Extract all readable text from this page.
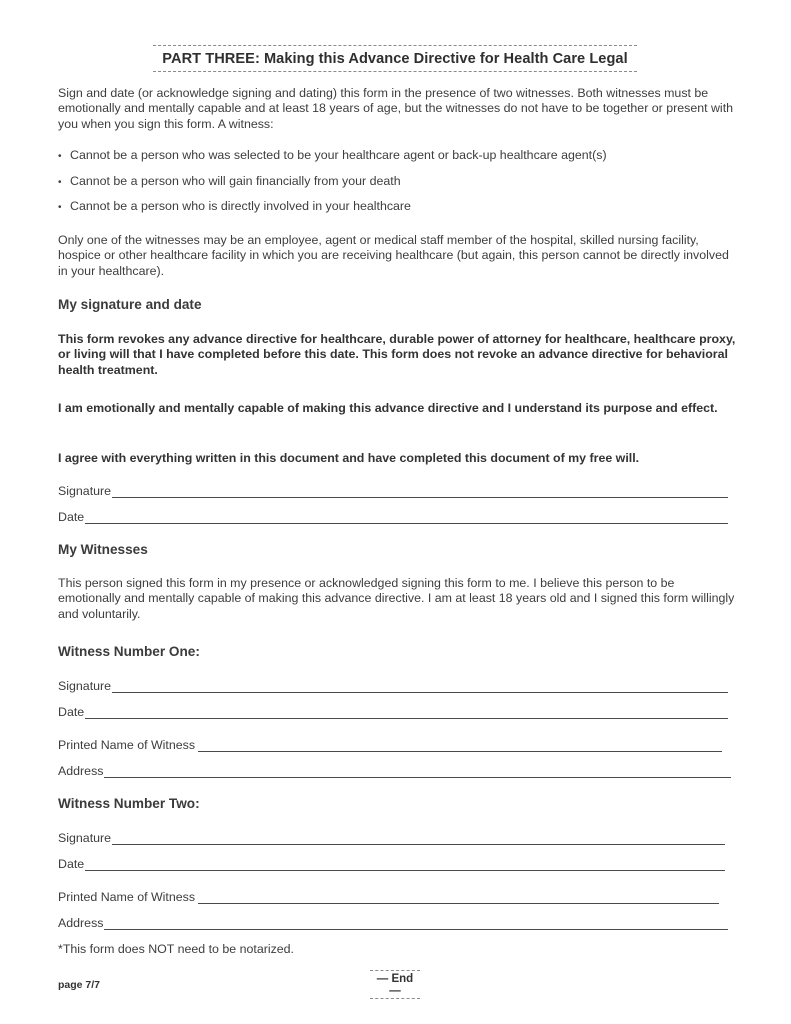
PART THREE: Making this Advance Directive for Health Care Legal

Sign and date (or acknowledge signing and dating) this form in the presence of two witnesses. Both witnesses must be emotionally and mentally capable and at least 18 years of age, but the witnesses do not have to be together or present with you when you sign this form. A witness:

• Cannot be a person who was selected to be your healthcare agent or back-up healthcare agent(s)
• Cannot be a person who will gain financially from your death
• Cannot be a person who is directly involved in your healthcare

Only one of the witnesses may be an employee, agent or medical staff member of the hospital, skilled nursing facility, hospice or other healthcare facility in which you are receiving healthcare (but again, this person cannot be directly involved in your healthcare).

My signature and date

This form revokes any advance directive for healthcare, durable power of attorney for healthcare, healthcare proxy, or living will that I have completed before this date. This form does not revoke an advance directive for behavioral health treatment.

I am emotionally and mentally capable of making this advance directive and I understand its purpose and effect.

I agree with everything written in this document and have completed this document of my free will.

Signature
Date
My Witnesses

This person signed this form in my presence or acknowledged signing this form to me. I believe this person to be emotionally and mentally capable of making this advance directive. I am at least 18 years old and I signed this form willingly and voluntarily.

Witness Number One:
Signature
Date
Printed Name of Witness
Address
Witness Number Two:
Signature
Date
Printed Name of Witness
Address
*This form does NOT need to be notarized.
page 7/7	— End —
